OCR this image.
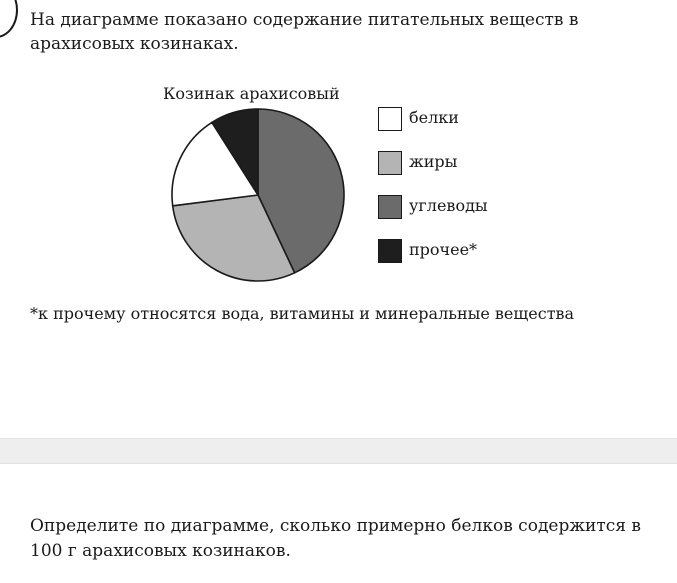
На диаграмме показано содержание питательных веществ в арахисовых козинаках.

Козинак арахисовый

белки
жиры
углеводы
прочее*

*к прочему относятся вода, витамины и минеральные вещества

Определите по диаграмме, сколько примерно белков содержится в 100 г арахисовых козинаков.
